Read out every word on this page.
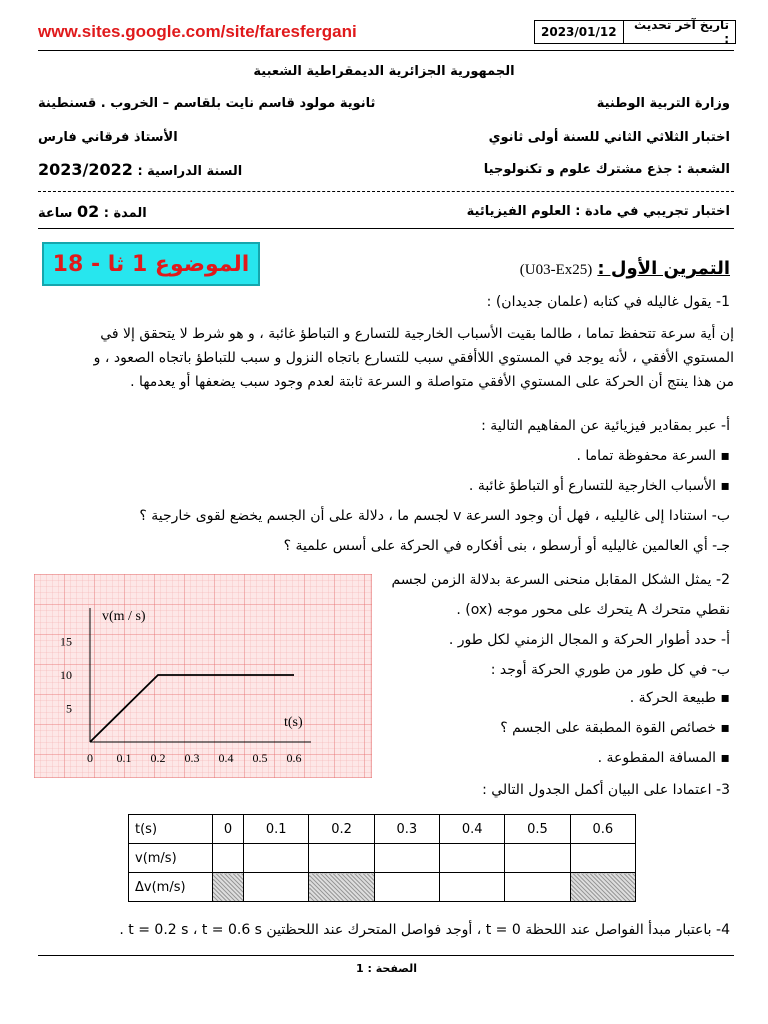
www.sites.google.com/site/faresfergani	تاريخ آخر تحديث :
2023/01/12
الجمهورية الجزائرية الديمقراطية الشعبية
وزارة التربية الوطنية
ثانوية مولود قاسم نايت بلقاسم – الخروب . قسنطينة
اختبار الثلاثي الثاني للسنة أولى ثانوي
الأستاذ فرقاني فارس
الشعبة : جذع مشترك علوم و تكنولوجيا
السنة الدراسية : 2023/2022
اختبار تجريبي في مادة : العلوم الفيزيائية
المدة : 02 ساعة
الموضوع 1 ثا - 18	التمرين الأول : (U03-Ex25)
1- يقول غاليله في كتابه (علمان جديدان) :
إن أية سرعة تتحفظ تماما ، طالما بقيت الأسباب الخارجية للتسارع و التباطؤ غائبة ، و هو شرط لا يتحقق إلا في
المستوي الأفقي ، لأنه يوجد في المستوي اللاأفقي سبب للتسارع باتجاه النزول و سبب للتباطؤ باتجاه الصعود ، و
من هذا ينتج أن الحركة على المستوي الأفقي متواصلة و السرعة ثابتة لعدم وجود سبب يضعفها أو يعدمها .
أ- عبر بمقادير فيزيائية عن المفاهيم التالية :
▪ السرعة محفوظة تماما .
▪ الأسباب الخارجية للتسارع أو التباطؤ غائبة .
ب- استنادا إلى غاليليه ، فهل أن وجود السرعة v لجسم ما ، دلالة على أن الجسم يخضع لقوى خارجية ؟
جـ- أي العالمين غاليليه أو أرسطو ، بنى أفكاره في الحركة على أسس علمية ؟
0 0.1 0.2 0.3 0.4 0.5 0.6
5
10
15
v(m / s)
t(s)
2- يمثل الشكل المقابل منحنى السرعة بدلالة الزمن لجسم
نقطي متحرك A يتحرك على محور موجه (ox) .
أ- حدد أطوار الحركة و المجال الزمني لكل طور .
ب- في كل طور من طوري الحركة أوجد :
▪ طبيعة الحركة .
▪ خصائص القوة المطبقة على الجسم ؟
▪ المسافة المقطوعة .
3- اعتمادا على البيان أكمل الجدول التالي :
t(s)	0	0.1	0.2	0.3	0.4	0.5	0.6
v(m/s)							
Δv(m/s)							
4- باعتبار مبدأ الفواصل عند اللحظة t = 0 ، أوجد فواصل المتحرك عند اللحظتين t = 0.2 s ، t = 0.6 s .
الصفحة : 1
